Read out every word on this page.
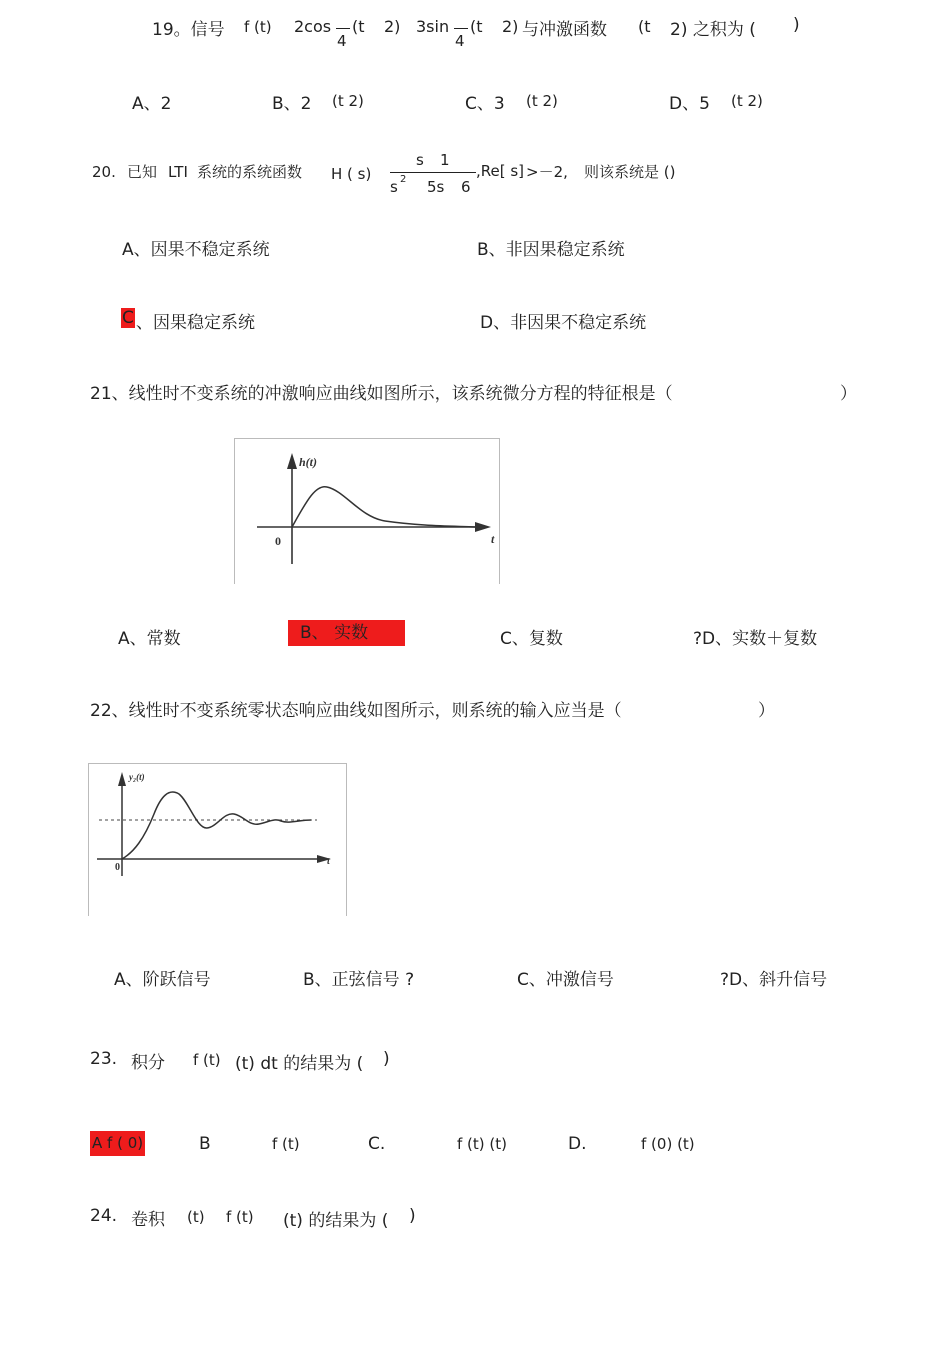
19。信号 f (t) 2cos
4
(t 2) 3sin
4
(t 2) 与冲激函数 (t 2) 之积为 ( )
A、2	B、2 (t 2)	C、3 (t 2)	D、5 (t 2)
20. 已知 LTI 系统的系统函数 H ( s)
s 1
s 2 5s 6
,Re[ s] >－2, 则该系统是 ()
A、因果不稳定系统	B、非因果稳定系统
C 、因果稳定系统	D、非因果不稳定系统
21、线性时不变系统的冲激响应曲线如图所示，该系统微分方程的特征根是（	）
h(t)
t
0
A、常数	B、 实数	C、复数	?D、实数＋复数
22、线性时不变系统零状态响应曲线如图所示，则系统的输入应当是（	）
y₂(t)
t
0
A、阶跃信号	B、正弦信号 ?	C、冲激信号	?D、斜升信号
23. 积分 f (t) (t) dt 的结果为 ( )
A f ( 0)	B	f (t)	C.	f (t) (t)	D.	f (0) (t)
24. 卷积 (t) f (t) (t) 的结果为 ( )
